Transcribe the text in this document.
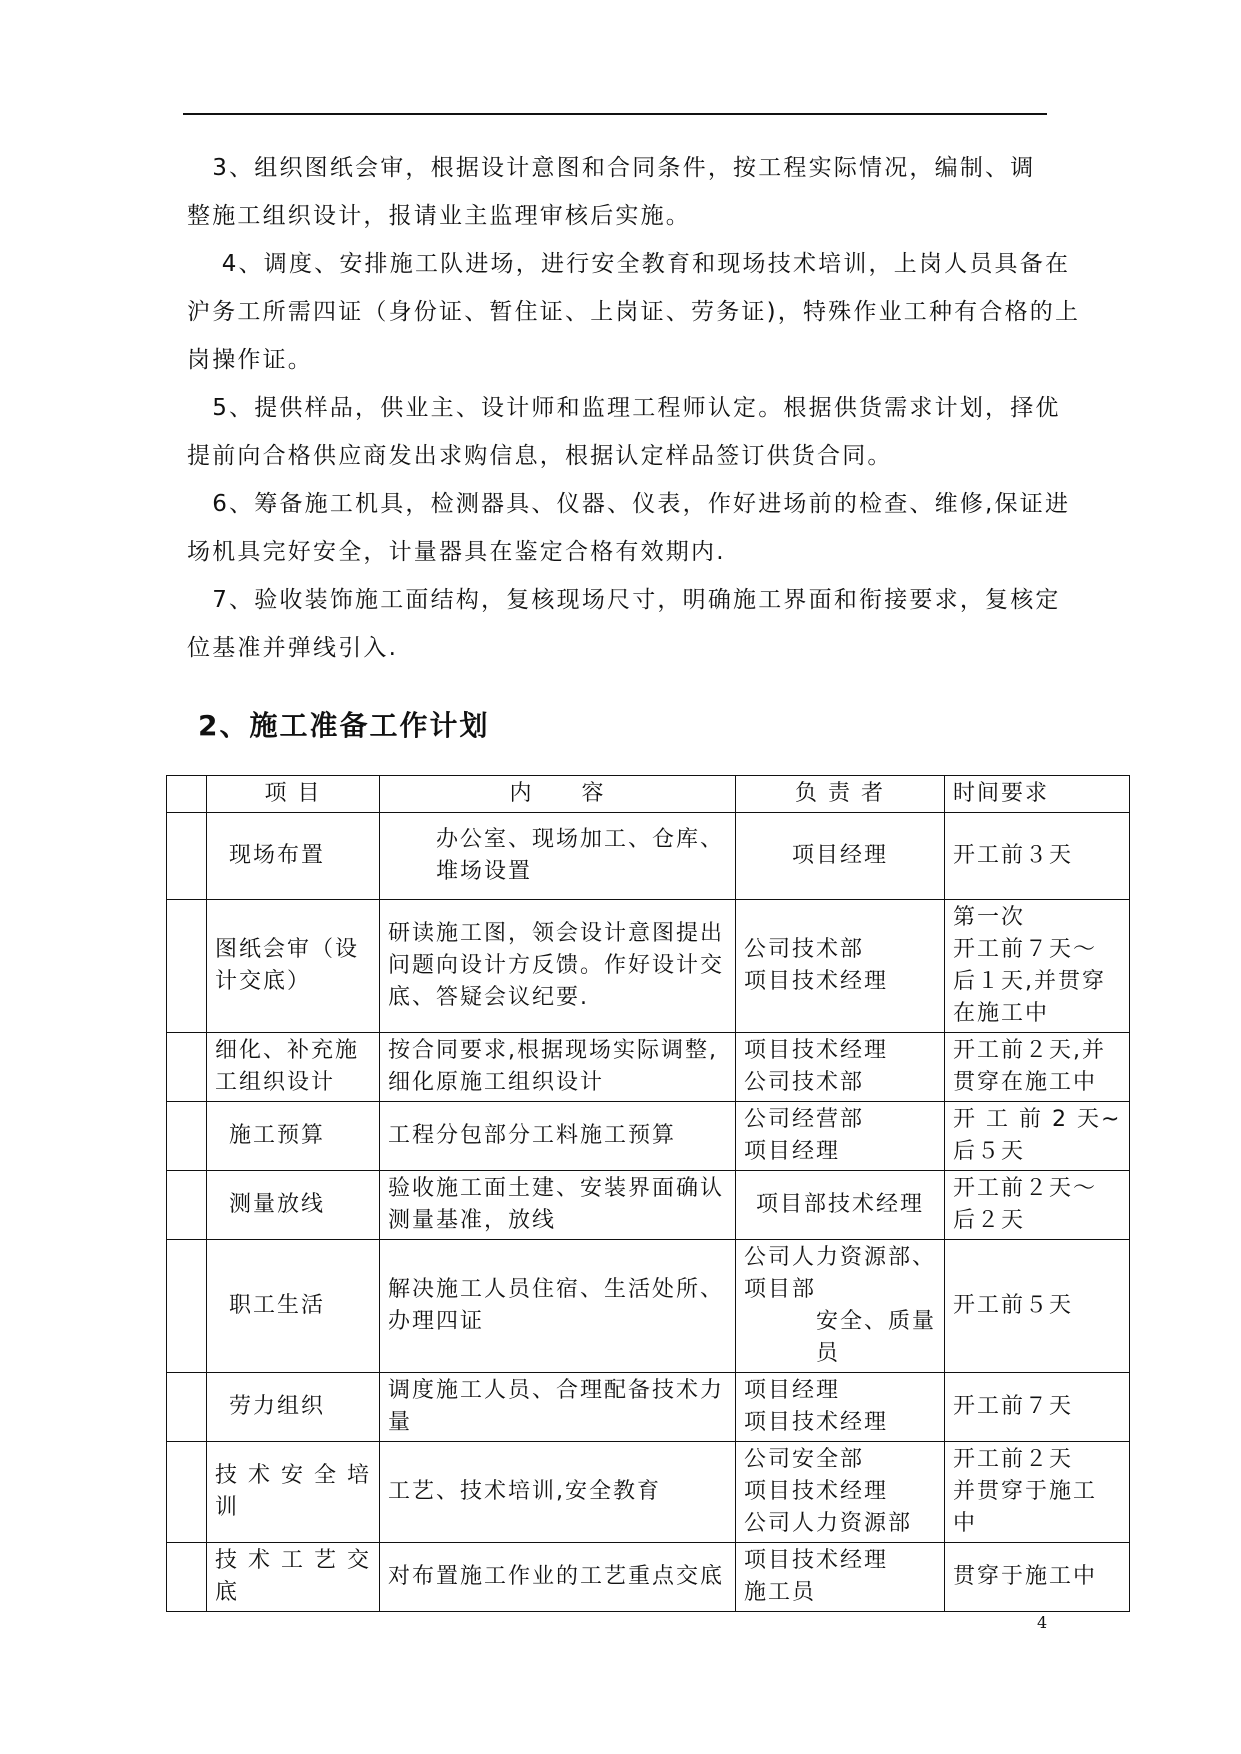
　3、组织图纸会审，根据设计意图和合同条件，按工程实际情况，编制、调
整施工组织设计，报请业主监理审核后实施。

　 4、调度、安排施工队进场，进行安全教育和现场技术培训，上岗人员具备在
沪务工所需四证（身份证、暂住证、上岗证、劳务证)，特殊作业工种有合格的上
岗操作证。

　5、提供样品，供业主、设计师和监理工程师认定。根据供货需求计划，择优
提前向合格供应商发出求购信息，根据认定样品签订供货合同。

　6、筹备施工机具，检测器具、仪器、仪表，作好进场前的检查、维修,保证进
场机具完好安全，计量器具在鉴定合格有效期内.

　7、验收装饰施工面结构，复核现场尺寸，明确施工界面和衔接要求，复核定
位基准并弹线引入.

2、施工准备工作计划
	项 目	内　　容	负 责 者	时间要求

	现场布置	　　办公室、现场加工、仓库、
　　堆场设置	项目经理	开工前３天

	图纸会审（设
计交底）	研读施工图，领会设计意图提出
问题向设计方反馈。作好设计交
底、答疑会议纪要.	公司技术部
项目技术经理	第一次
开工前７天～
后１天,并贯穿
在施工中

	细化、补充施
工组织设计	按合同要求,根据现场实际调整,
细化原施工组织设计	项目技术经理
公司技术部	开工前２天,并
贯穿在施工中

	施工预算	工程分包部分工料施工预算	公司经营部
项目经理	开 工 前 2 天~
后５天

	测量放线	验收施工面土建、安装界面确认
测量基准，放线	项目部技术经理	开工前２天～
后２天

	职工生活	解决施工人员住宿、生活处所、
办理四证	公司人力资源部、
项目部
　　　安全、质量
　　　员	开工前５天

	劳力组织	调度施工人员、合理配备技术力
量	项目经理
项目技术经理	开工前７天

	技 术 安 全 培
训	工艺、技术培训,安全教育	公司安全部
项目技术经理
公司人力资源部	开工前２天
并贯穿于施工
中

	技 术 工 艺 交
底	对布置施工作业的工艺重点交底	项目技术经理
施工员	贯穿于施工中
4
